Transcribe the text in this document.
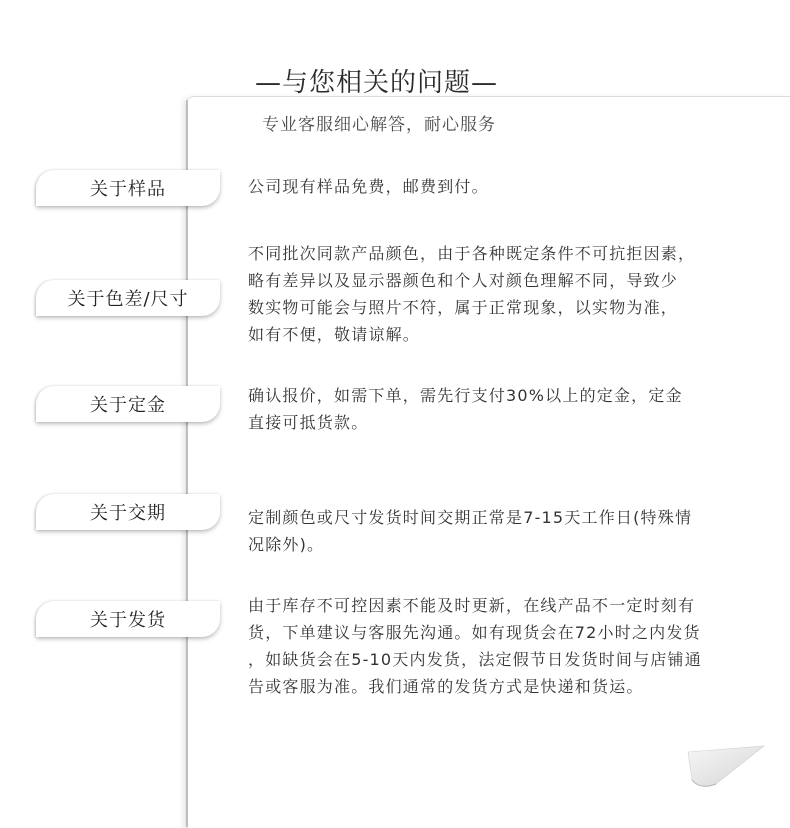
—与您相关的问题—
专业客服细心解答，耐心服务
关于样品	公司现有样品免费，邮费到付。
关于色差/尺寸
不同批次同款产品颜色，由于各种既定条件不可抗拒因素，
略有差异以及显示器颜色和个人对颜色理解不同，导致少
数实物可能会与照片不符，属于正常现象，以实物为准，
如有不便，敬请谅解。
关于定金	确认报价，如需下单，需先行支付30%以上的定金，定金
直接可抵货款。
关于交期	定制颜色或尺寸发货时间交期正常是7-15天工作日(特殊情
况除外)。
关于发货
由于库存不可控因素不能及时更新，在线产品不一定时刻有
货，下单建议与客服先沟通。如有现货会在72小时之内发货
，如缺货会在5-10天内发货，法定假节日发货时间与店铺通
告或客服为准。我们通常的发货方式是快递和货运。
